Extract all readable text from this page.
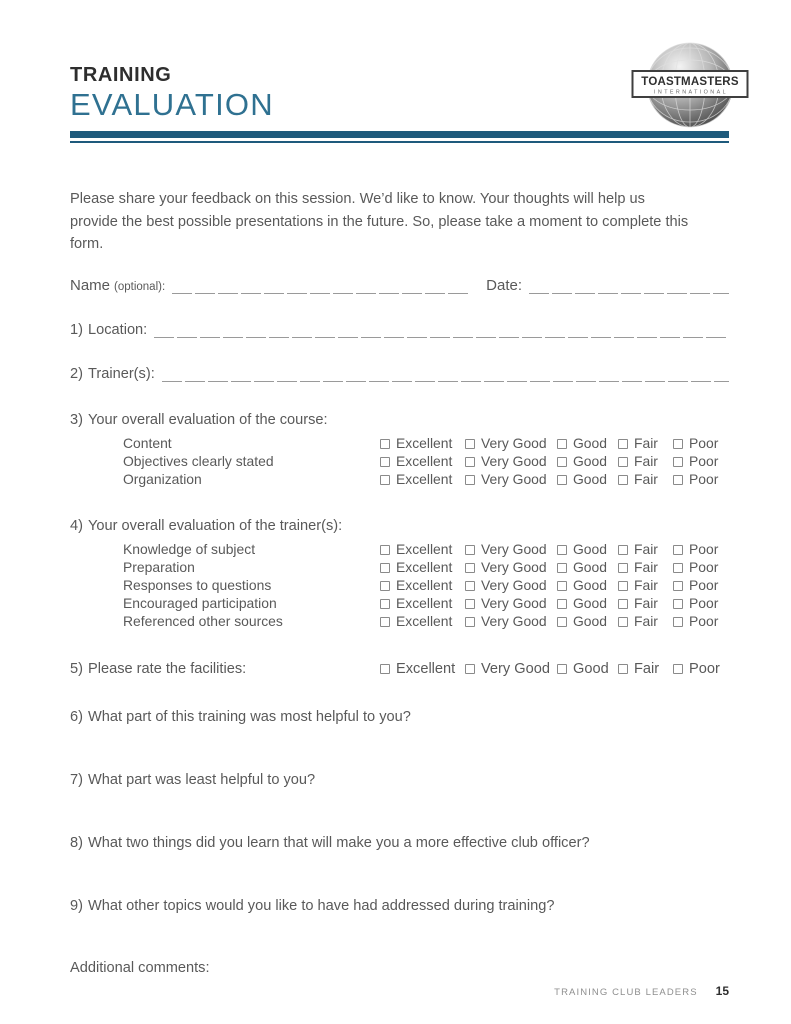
TRAINING
EVALUATION
TOASTMASTERS
INTERNATIONAL

Please share your feedback on this session. We’d like to know. Your thoughts will help us provide the best possible presentations in the future. So, please take a moment to complete this form.

Name (optional):	Date:
1) Location:
2) Trainer(s):
3) Your overall evaluation of the course:
Content	Excellent	Very Good	Good	Fair	Poor
Objectives clearly stated	Excellent	Very Good	Good	Fair	Poor
Organization	Excellent	Very Good	Good	Fair	Poor
4) Your overall evaluation of the trainer(s):
Knowledge of subject	Excellent	Very Good	Good	Fair	Poor
Preparation	Excellent	Very Good	Good	Fair	Poor
Responses to questions	Excellent	Very Good	Good	Fair	Poor
Encouraged participation	Excellent	Very Good	Good	Fair	Poor
Referenced other sources	Excellent	Very Good	Good	Fair	Poor
5) Please rate the facilities:	Excellent	Very Good	Good	Fair	Poor
6) What part of this training was most helpful to you?
7) What part was least helpful to you?
8) What two things did you learn that will make you a more effective club officer?
9) What other topics would you like to have had addressed during training?
Additional comments:
TRAINING CLUB LEADERS 15
